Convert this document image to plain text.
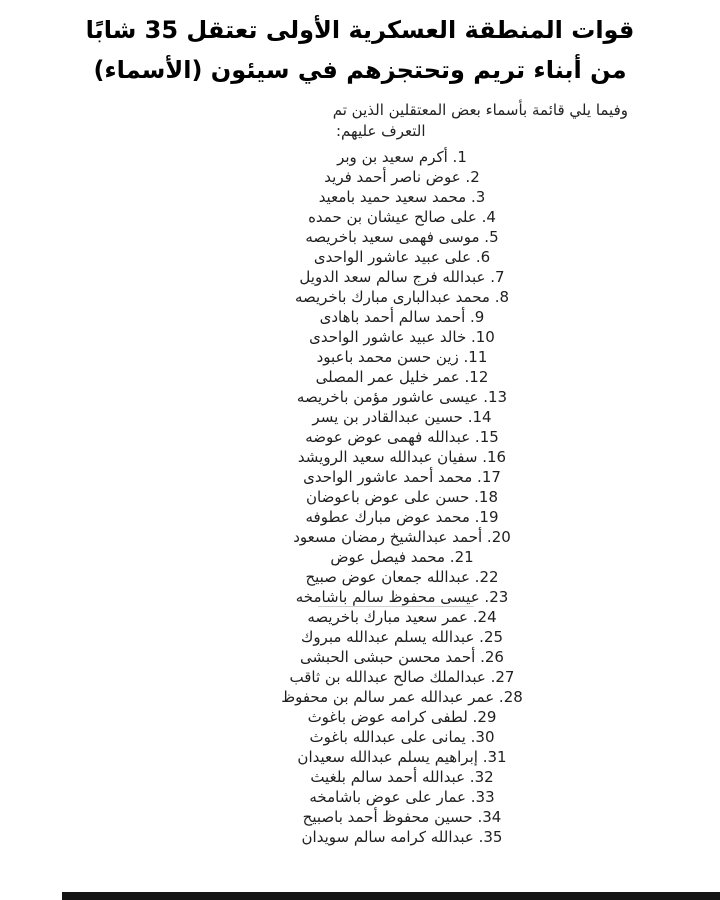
قوات المنطقة العسكرية الأولى تعتقل 35 شابًا
من أبناء تريم وتحتجزهم في سيئون (الأسماء)

وفيما يلي قائمة بأسماء بعض المعتقلين الذين تم
التعرف عليهم:

1. أكرم سعيد بن وبر
2. عوض ناصر أحمد فريد
3. محمد سعيد حميد بامعيد
4. على صالح عيشان بن حمده
5. موسى فهمى سعيد باخريصه
6. على عبيد عاشور الواحدى
7. عبدالله فرج سالم سعد الدويل
8. محمد عبدالبارى مبارك باخريصه
9. أحمد سالم أحمد باهادى
10. خالد عبيد عاشور الواحدى
11. زين حسن محمد باعبود
12. عمر خليل عمر المصلى
13. عيسى عاشور مؤمن باخريصه
14. حسين عبدالقادر بن يسر
15. عبدالله فهمى عوض عوضه
16. سفيان عبدالله سعيد الرويشد
17. محمد أحمد عاشور الواحدى
18. حسن على عوض باعوضان
19. محمد عوض مبارك عطوفه
20. أحمد عبدالشيخ رمضان مسعود
21. محمد فيصل عوض
22. عبدالله جمعان عوض صبيح
23. عيسى محفوظ سالم باشامخه
24. عمر سعيد مبارك باخريصه
25. عبدالله يسلم عبدالله مبروك
26. أحمد محسن حبشى الحبشى
27. عبدالملك صالح عبدالله بن ثاقب
28. عمر عبدالله عمر سالم بن محفوظ
29. لطفى كرامه عوض باغوث
30. يمانى على عبدالله باغوث
31. إبراهيم يسلم عبدالله سعيدان
32. عبدالله أحمد سالم بلغيث
33. عمار على عوض باشامخه
34. حسين محفوظ أحمد باصبيح
35. عبدالله كرامه سالم سويدان
